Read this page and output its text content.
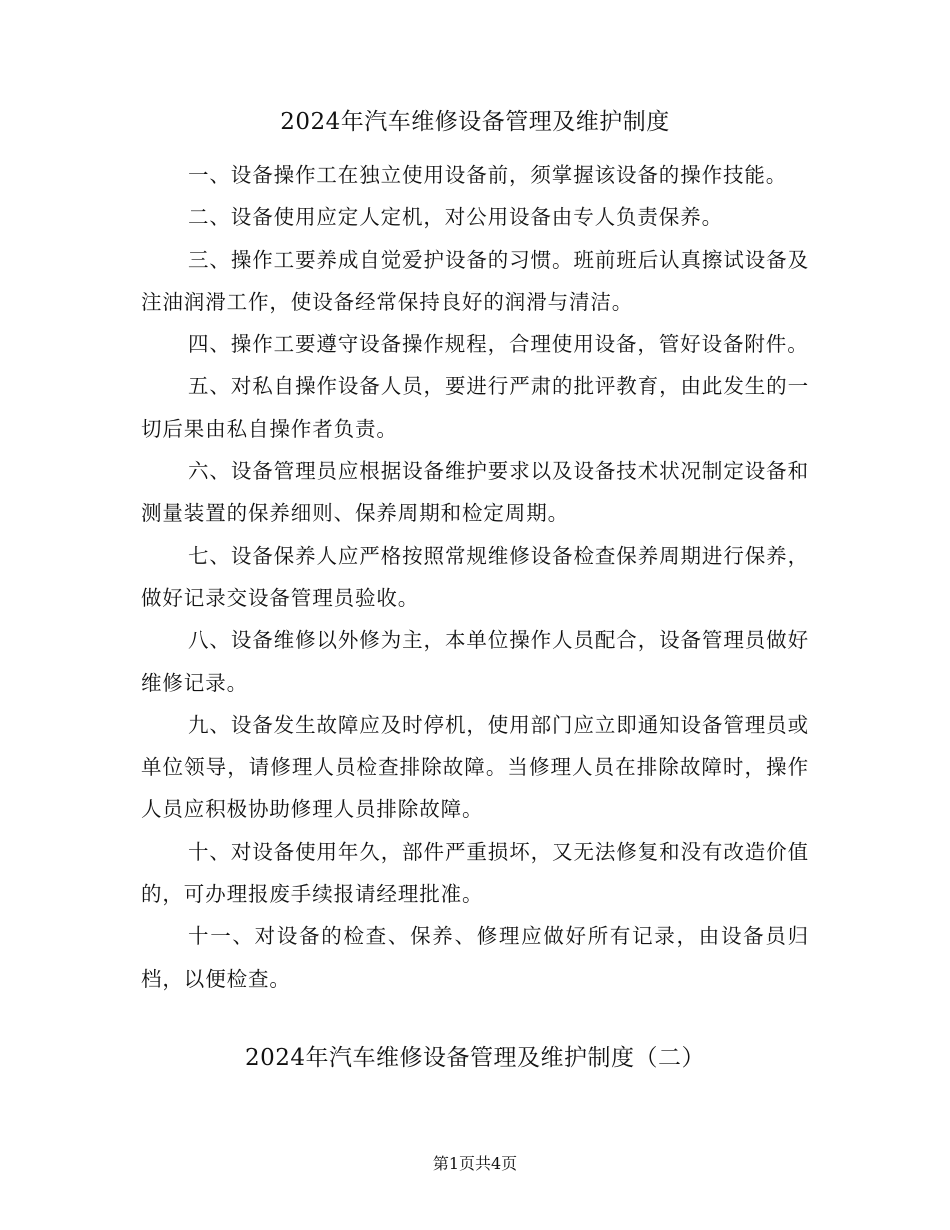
2024年汽车维修设备管理及维护制度

一、设备操作工在独立使用设备前，须掌握该设备的操作技能。

二、设备使用应定人定机，对公用设备由专人负责保养。

三、操作工要养成自觉爱护设备的习惯。班前班后认真擦试设备及注油润滑工作，使设备经常保持良好的润滑与清洁。

四、操作工要遵守设备操作规程，合理使用设备，管好设备附件。

五、对私自操作设备人员，要进行严肃的批评教育，由此发生的一切后果由私自操作者负责。

六、设备管理员应根据设备维护要求以及设备技术状况制定设备和测量装置的保养细则、保养周期和检定周期。

七、设备保养人应严格按照常规维修设备检查保养周期进行保养，做好记录交设备管理员验收。

八、设备维修以外修为主，本单位操作人员配合，设备管理员做好维修记录。

九、设备发生故障应及时停机，使用部门应立即通知设备管理员或单位领导，请修理人员检查排除故障。当修理人员在排除故障时，操作人员应积极协助修理人员排除故障。

十、对设备使用年久，部件严重损坏，又无法修复和没有改造价值的，可办理报废手续报请经理批准。

十一、对设备的检查、保养、修理应做好所有记录，由设备员归档，以便检查。

2024年汽车维修设备管理及维护制度（二）
第1页共4页
